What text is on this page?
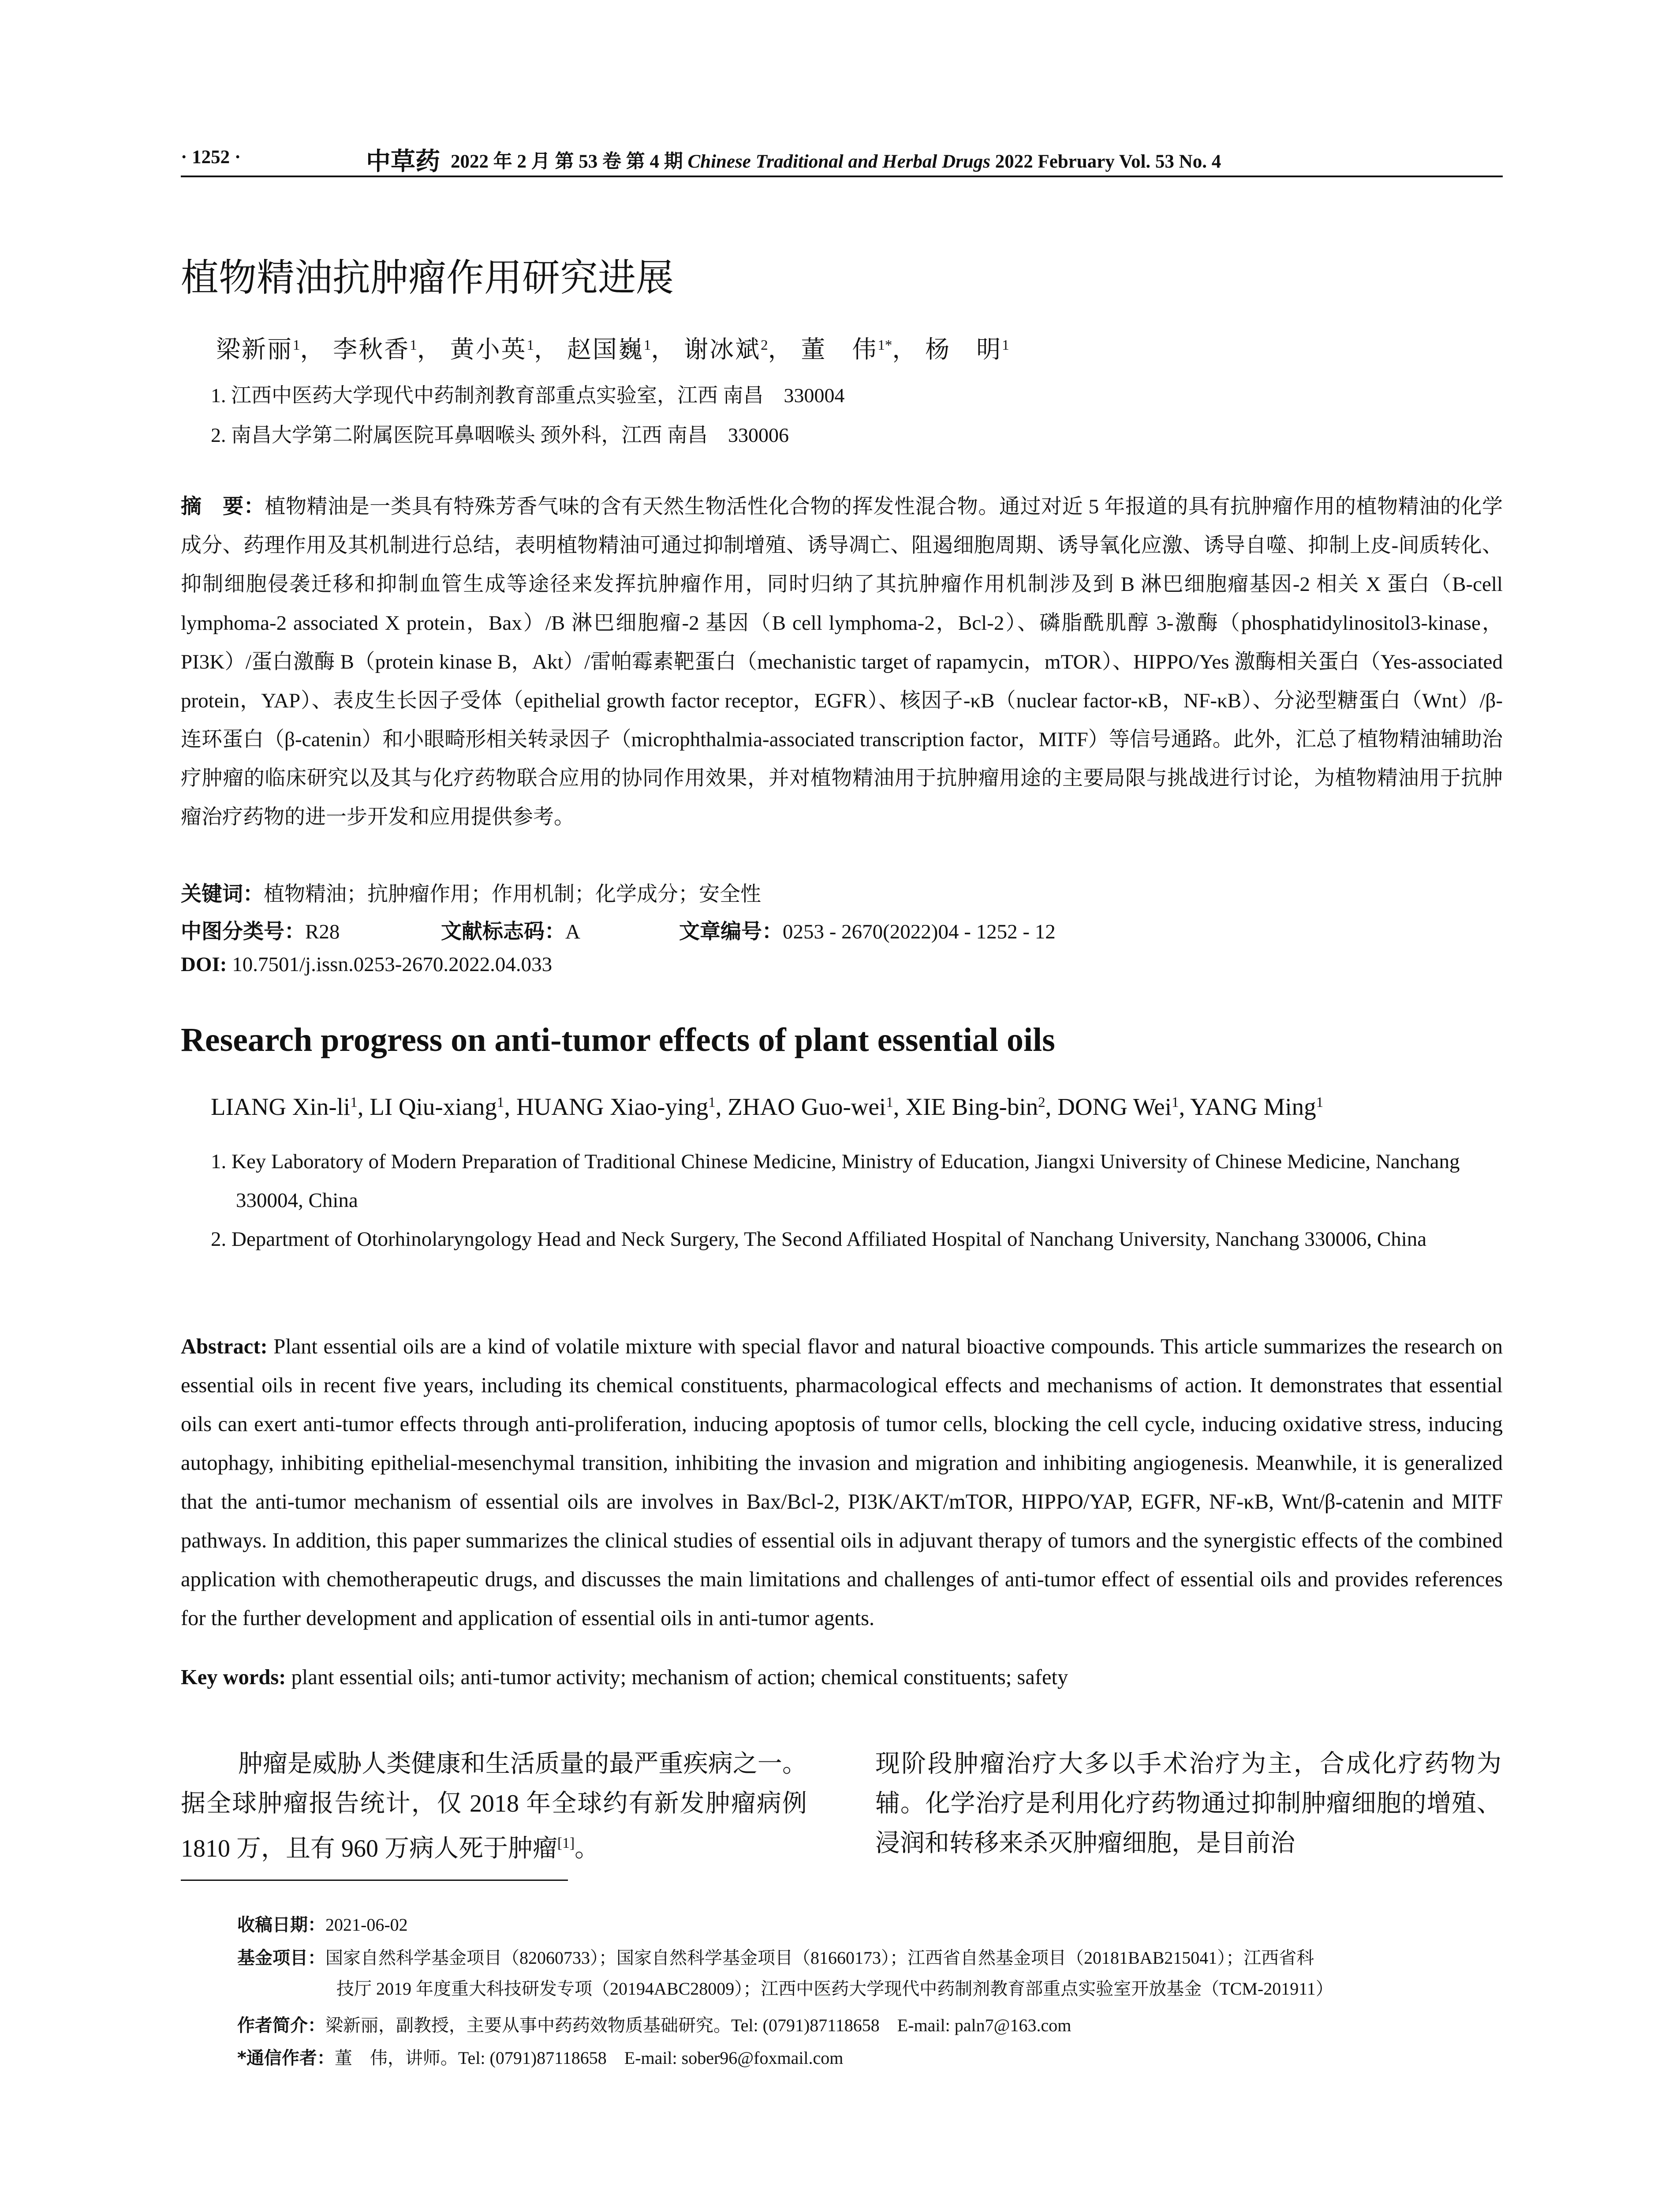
· 1252 ·	中草药 2022 年 2 月 第 53 卷 第 4 期 Chinese Traditional and Herbal Drugs 2022 February Vol. 53 No. 4
植物精油抗肿瘤作用研究进展
梁新丽$^1$， 李秋香$^1$， 黄小英$^1$， 赵国巍$^1$， 谢冰斌$^2$， 董　伟$^{1*}$， 杨　明$^1$
1. 江西中医药大学现代中药制剂教育部重点实验室，江西 南昌　330004
2. 南昌大学第二附属医院耳鼻咽喉头 颈外科，江西 南昌　330006

摘　要：植物精油是一类具有特殊芳香气味的含有天然生物活性化合物的挥发性混合物。通过对近 5 年报道的具有抗肿瘤作用的植物精油的化学成分、药理作用及其机制进行总结，表明植物精油可通过抑制增殖、诱导凋亡、阻遏细胞周期、诱导氧化应激、诱导自噬、抑制上皮-间质转化、抑制细胞侵袭迁移和抑制血管生成等途径来发挥抗肿瘤作用，同时归纳了其抗肿瘤作用机制涉及到 B 淋巴细胞瘤基因-2 相关 X 蛋白（B-cell lymphoma-2 associated X protein，Bax）/B 淋巴细胞瘤-2 基因（B cell lymphoma-2，Bcl-2）、磷脂酰肌醇 3-激酶（phosphatidylinositol3-kinase，PI3K）/蛋白激酶 B（protein kinase B，Akt）/雷帕霉素靶蛋白（mechanistic target of rapamycin，mTOR）、HIPPO/Yes 激酶相关蛋白（Yes-associated protein，YAP）、表皮生长因子受体（epithelial growth factor receptor，EGFR）、核因子-κB（nuclear factor-κB，NF-κB）、分泌型糖蛋白（Wnt）/β-连环蛋白（β-catenin）和小眼畸形相关转录因子（microphthalmia-associated transcription factor，MITF）等信号通路。此外，汇总了植物精油辅助治疗肿瘤的临床研究以及其与化疗药物联合应用的协同作用效果，并对植物精油用于抗肿瘤用途的主要局限与挑战进行讨论，为植物精油用于抗肿瘤治疗药物的进一步开发和应用提供参考。

关键词：植物精油；抗肿瘤作用；作用机制；化学成分；安全性
中图分类号：R28	文献标志码：A	文章编号：0253 - 2670(2022)04 - 1252 - 12
DOI: 10.7501/j.issn.0253-2670.2022.04.033
Research progress on anti-tumor effects of plant essential oils
LIANG Xin-$li^1$, LI Qiu-xiang$^1$, HUANG Xiao-ying$^1$, ZHAO Guo-wei$^1$, XIE Bing-bin$^2$, DONG Wei$^1$, YANG Ming$^1$
1. Key Laboratory of Modern Preparation of Traditional Chinese Medicine, Ministry of Education, Jiangxi University of Chinese Medicine, Nanchang 330004, China
2. Department of Otorhinolaryngology Head and Neck Surgery, The Second Affiliated Hospital of Nanchang University, Nanchang 330006, China
Abstract: Plant essential oils are a kind of volatile mixture with special flavor and natural bioactive compounds. This article summarizes the research on essential oils in recent five years, including its chemical constituents, pharmacological effects and mechanisms of action. It demonstrates that essential oils can exert anti-tumor effects through anti-proliferation, inducing apoptosis of tumor cells, blocking the cell cycle, inducing oxidative stress, inducing autophagy, inhibiting epithelial-mesenchymal transition, inhibiting the invasion and migration and inhibiting angiogenesis. Meanwhile, it is generalized that the anti-tumor mechanism of essential oils are involves in Bax/Bcl-2, PI3K/AKT/mTOR, HIPPO/YAP, EGFR, NF-κB, Wnt/β-catenin and MITF pathways. In addition, this paper summarizes the clinical studies of essential oils in adjuvant therapy of tumors and the synergistic effects of the combined application with chemotherapeutic drugs, and discusses the main limitations and challenges of anti-tumor effect of essential oils and provides references for the further development and application of essential oils in anti-tumor agents.
Key words: plant essential oils; anti-tumor activity; mechanism of action; chemical constituents; safety
肿瘤是威胁人类健康和生活质量的最严重疾病之一。据全球肿瘤报告统计，仅 2018 年全球约有新发肿瘤病例 1810 万，且有 960 万病人死于肿瘤[1]。
现阶段肿瘤治疗大多以手术治疗为主，合成化疗药物为辅。化学治疗是利用化疗药物通过抑制肿瘤细胞的增殖、浸润和转移来杀灭肿瘤细胞，是目前治
收稿日期：2021-06-02
基金项目：国家自然科学基金项目（82060733）；国家自然科学基金项目（81660173）；江西省自然基金项目（20181BAB215041）；江西省科
技厅 2019 年度重大科技研发专项（20194ABC28009）；江西中医药大学现代中药制剂教育部重点实验室开放基金（TCM-201911）
作者简介：梁新丽，副教授，主要从事中药药效物质基础研究。Tel: (0791)87118658　E-mail: paln7@163.com
*通信作者：董　伟，讲师。Tel: (0791)87118658　E-mail: sober96@foxmail.com
